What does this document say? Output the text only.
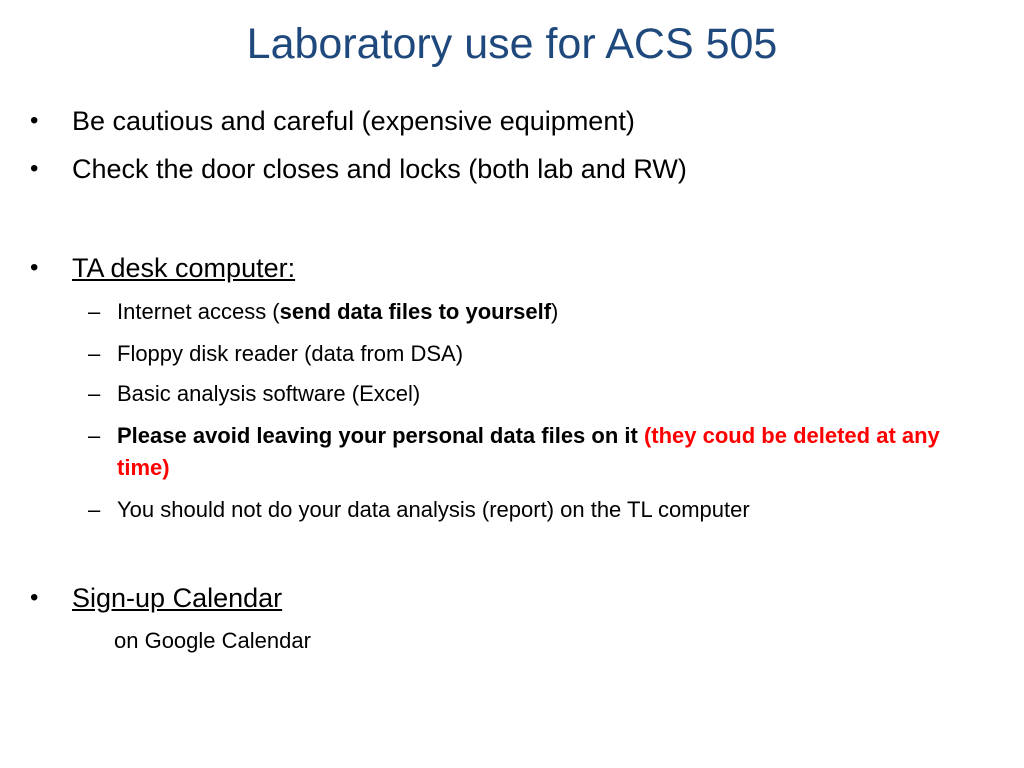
Laboratory use for ACS 505
•	Be cautious and careful (expensive equipment)
•	Check the door closes and locks (both lab and RW)
•	TA desk computer:
– Internet access (send data files to yourself)
– Floppy disk reader (data from DSA)
– Basic analysis software (Excel)
– Please avoid leaving your personal data files on it (they coud be deleted at any time)
– You should not do your data analysis (report) on the TL computer
•	Sign-up Calendar
on Google Calendar
